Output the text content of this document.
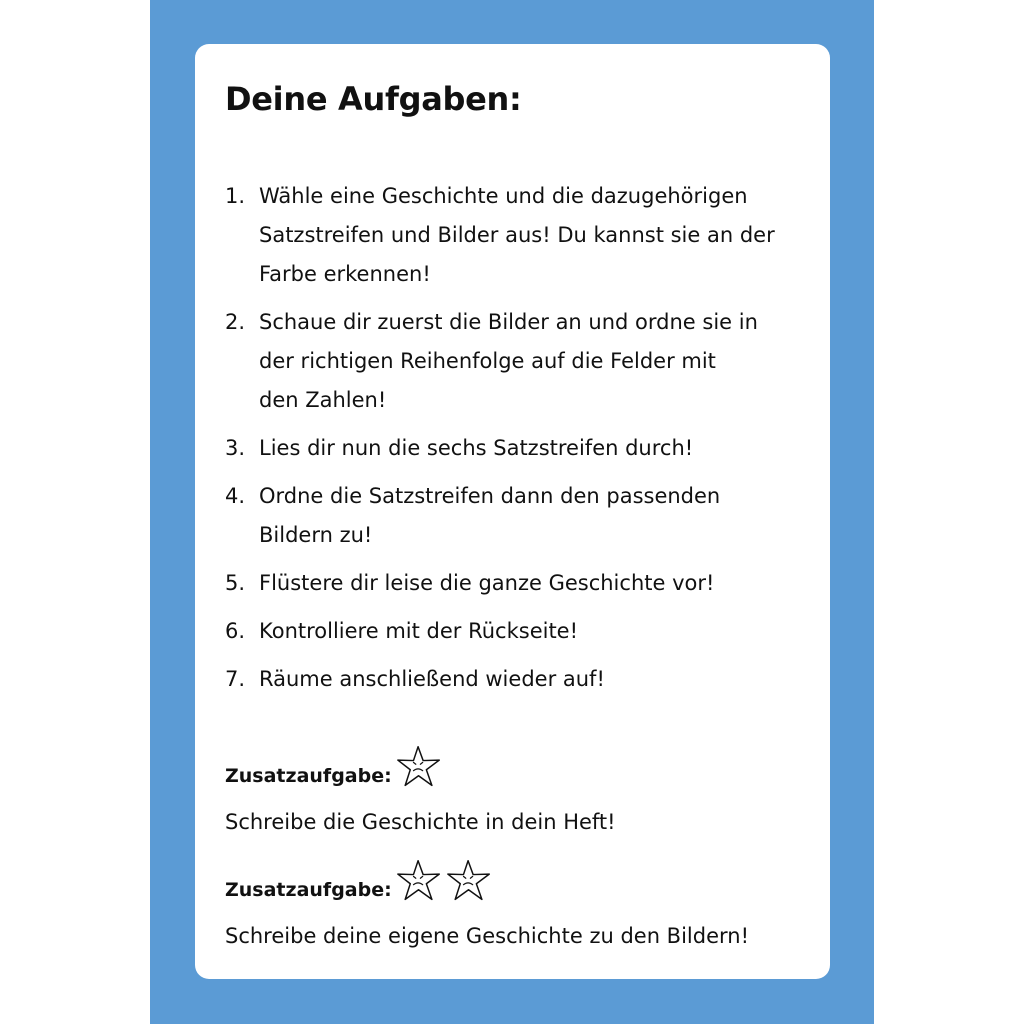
Deine Aufgaben:
1. Wähle eine Geschichte und die dazugehörigen
Satzstreifen und Bilder aus! Du kannst sie an der
Farbe erkennen!
2. Schaue dir zuerst die Bilder an und ordne sie in
der richtigen Reihenfolge auf die Felder mit
den Zahlen!
3. Lies dir nun die sechs Satzstreifen durch!
4. Ordne die Satzstreifen dann den passenden
Bildern zu!
5. Flüstere dir leise die ganze Geschichte vor!
6. Kontrolliere mit der Rückseite!
7. Räume anschließend wieder auf!
Zusatzaufgabe:
Schreibe die Geschichte in dein Heft!
Zusatzaufgabe:
Schreibe deine eigene Geschichte zu den Bildern!
